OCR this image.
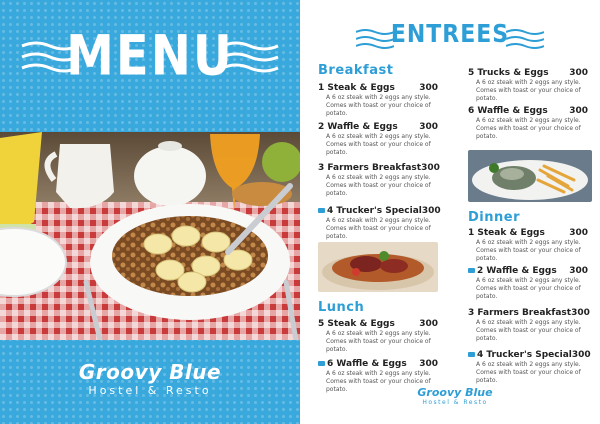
MENU
Groovy Blue
Hostel & Resto
ENTREES
Breakfast
1 Steak & Eggs	300
A 6 oz steak with 2 eggs any style. Comes with toast or your choice of potato.
2 Waffle & Eggs 300
A 6 oz steak with 2 eggs any style. Comes with toast or your choice of potato.
3 Farmers Breakfast 300
A 6 oz steak with 2 eggs any style. Comes with toast or your choice of potato.
4 Trucker's Special 300
A 6 oz steak with 2 eggs any style. Comes with toast or your choice of potato.
Lunch
5 Steak & Eggs	300
A 6 oz steak with 2 eggs any style. Comes with toast or your choice of potato.
6 Waffle & Eggs 300
A 6 oz steak with 2 eggs any style. Comes with toast or your choice of potato.
5 Trucks & Eggs 300
A 6 oz steak with 2 eggs any style. Comes with toast or your choice of potato.
6 Waffle & Eggs 300
A 6 oz steak with 2 eggs any style. Comes with toast or your choice of potato.
Dinner
1 Steak & Eggs	300
A 6 oz steak with 2 eggs any style. Comes with toast or your choice of potato.
2 Waffle & Eggs 300
A 6 oz steak with 2 eggs any style. Comes with toast or your choice of potato.
3 Farmers Breakfast 300
A 6 oz steak with 2 eggs any style. Comes with toast or your choice of potato.
4 Trucker's Special 300
A 6 oz steak with 2 eggs any style. Comes with toast or your choice of potato.
Groovy Blue
Hostel & Resto
